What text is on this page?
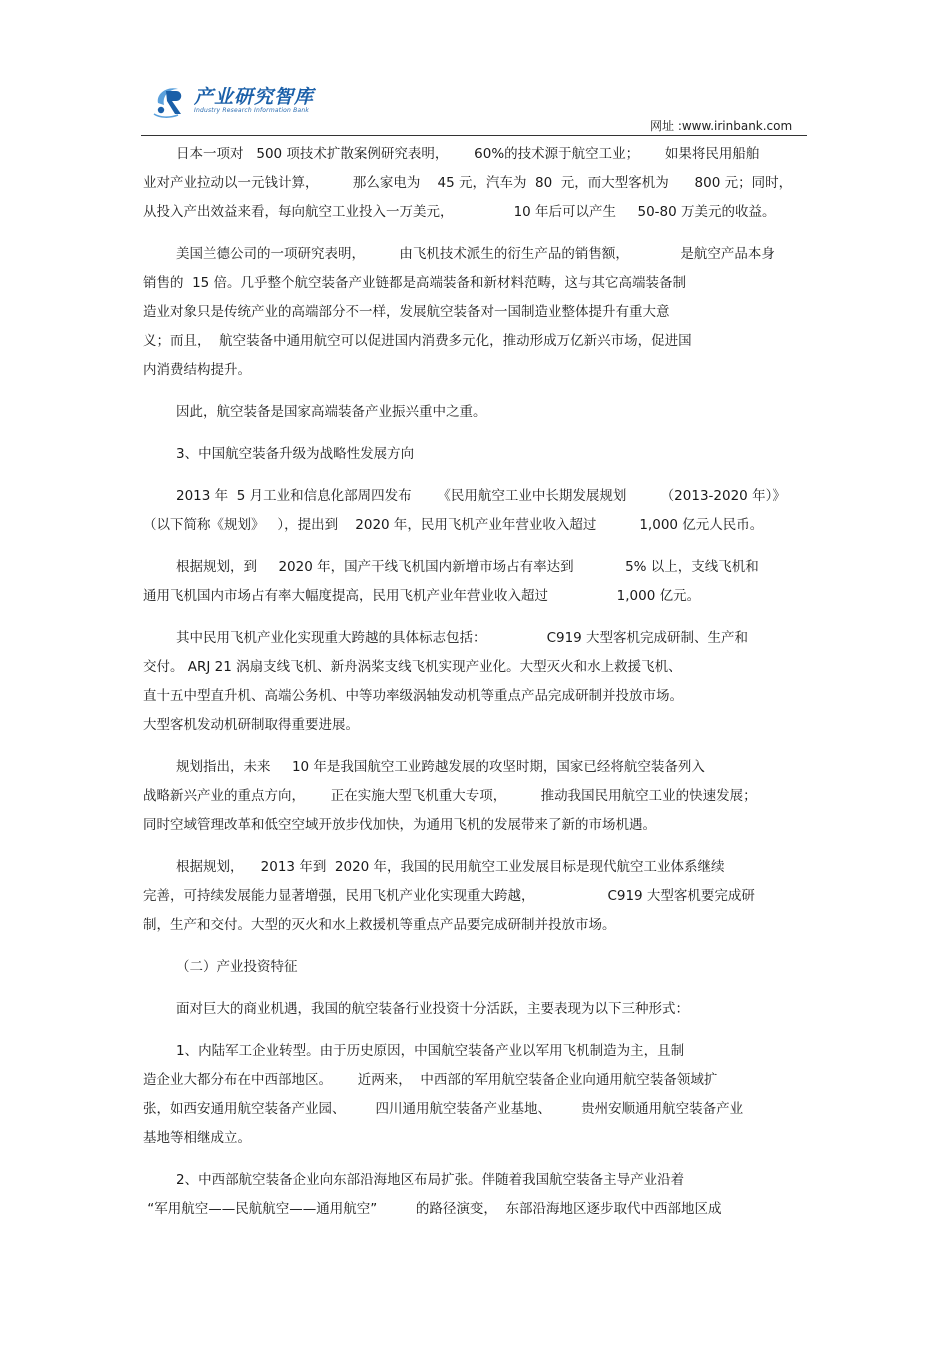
产业研究智库
Industry Research Information Bank
网址 :www.irinbank.com
日本一项对   500 项技术扩散案例研究表明，      60%的技术源于航空工业；      如果将民用船舶
业对产业拉动以一元钱计算，        那么家电为    45 元，汽车为  80  元，而大型客机为      800 元；同时，
从投入产出效益来看，每向航空工业投入一万美元，              10 年后可以产生     50-80 万美元的收益。
美国兰德公司的一项研究表明，        由飞机技术派生的衍生产品的销售额，            是航空产品本身
销售的  15 倍。几乎整个航空装备产业链都是高端装备和新材料范畴，这与其它高端装备制
造业对象只是传统产业的高端部分不一样，发展航空装备对一国制造业整体提升有重大意
义；而且，  航空装备中通用航空可以促进国内消费多元化，推动形成万亿新兴市场，促进国
内消费结构提升。
因此，航空装备是国家高端装备产业振兴重中之重。
3、中国航空装备升级为战略性发展方向
2013 年  5 月工业和信息化部周四发布      《民用航空工业中长期发展规划        （2013-2020 年）》
（以下简称《规划》   ），提出到    2020 年，民用飞机产业年营业收入超过          1,000 亿元人民币。
根据规划，到     2020 年，国产干线飞机国内新增市场占有率达到            5% 以上，支线飞机和
通用飞机国内市场占有率大幅度提高，民用飞机产业年营业收入超过                1,000 亿元。
其中民用飞机产业化实现重大跨越的具体标志包括：              C919 大型客机完成研制、生产和
交付。 ARJ 21 涡扇支线飞机、新舟涡桨支线飞机实现产业化。大型灭火和水上救援飞机、
直十五中型直升机、高端公务机、中等功率级涡轴发动机等重点产品完成研制并投放市场。
大型客机发动机研制取得重要进展。
规划指出，未来     10 年是我国航空工业跨越发展的攻坚时期，国家已经将航空装备列入
战略新兴产业的重点方向，      正在实施大型飞机重大专项，        推动我国民用航空工业的快速发展；
同时空域管理改革和低空空域开放步伐加快，为通用飞机的发展带来了新的市场机遇。
根据规划，    2013 年到  2020 年，我国的民用航空工业发展目标是现代航空工业体系继续
完善，可持续发展能力显著增强，民用飞机产业化实现重大跨越，                 C919 大型客机要完成研
制，生产和交付。大型的灭火和水上救援机等重点产品要完成研制并投放市场。
（二）产业投资特征
面对巨大的商业机遇，我国的航空装备行业投资十分活跃，主要表现为以下三种形式：
1、内陆军工企业转型。由于历史原因，中国航空装备产业以军用飞机制造为主，且制
造企业大都分布在中西部地区。      近两来，  中西部的军用航空装备企业向通用航空装备领域扩
张，如西安通用航空装备产业园、       四川通用航空装备产业基地、       贵州安顺通用航空装备产业
基地等相继成立。
2、中西部航空装备企业向东部沿海地区布局扩张。伴随着我国航空装备主导产业沿着
“军用航空——民航航空——通用航空”         的路径演变，  东部沿海地区逐步取代中西部地区成
